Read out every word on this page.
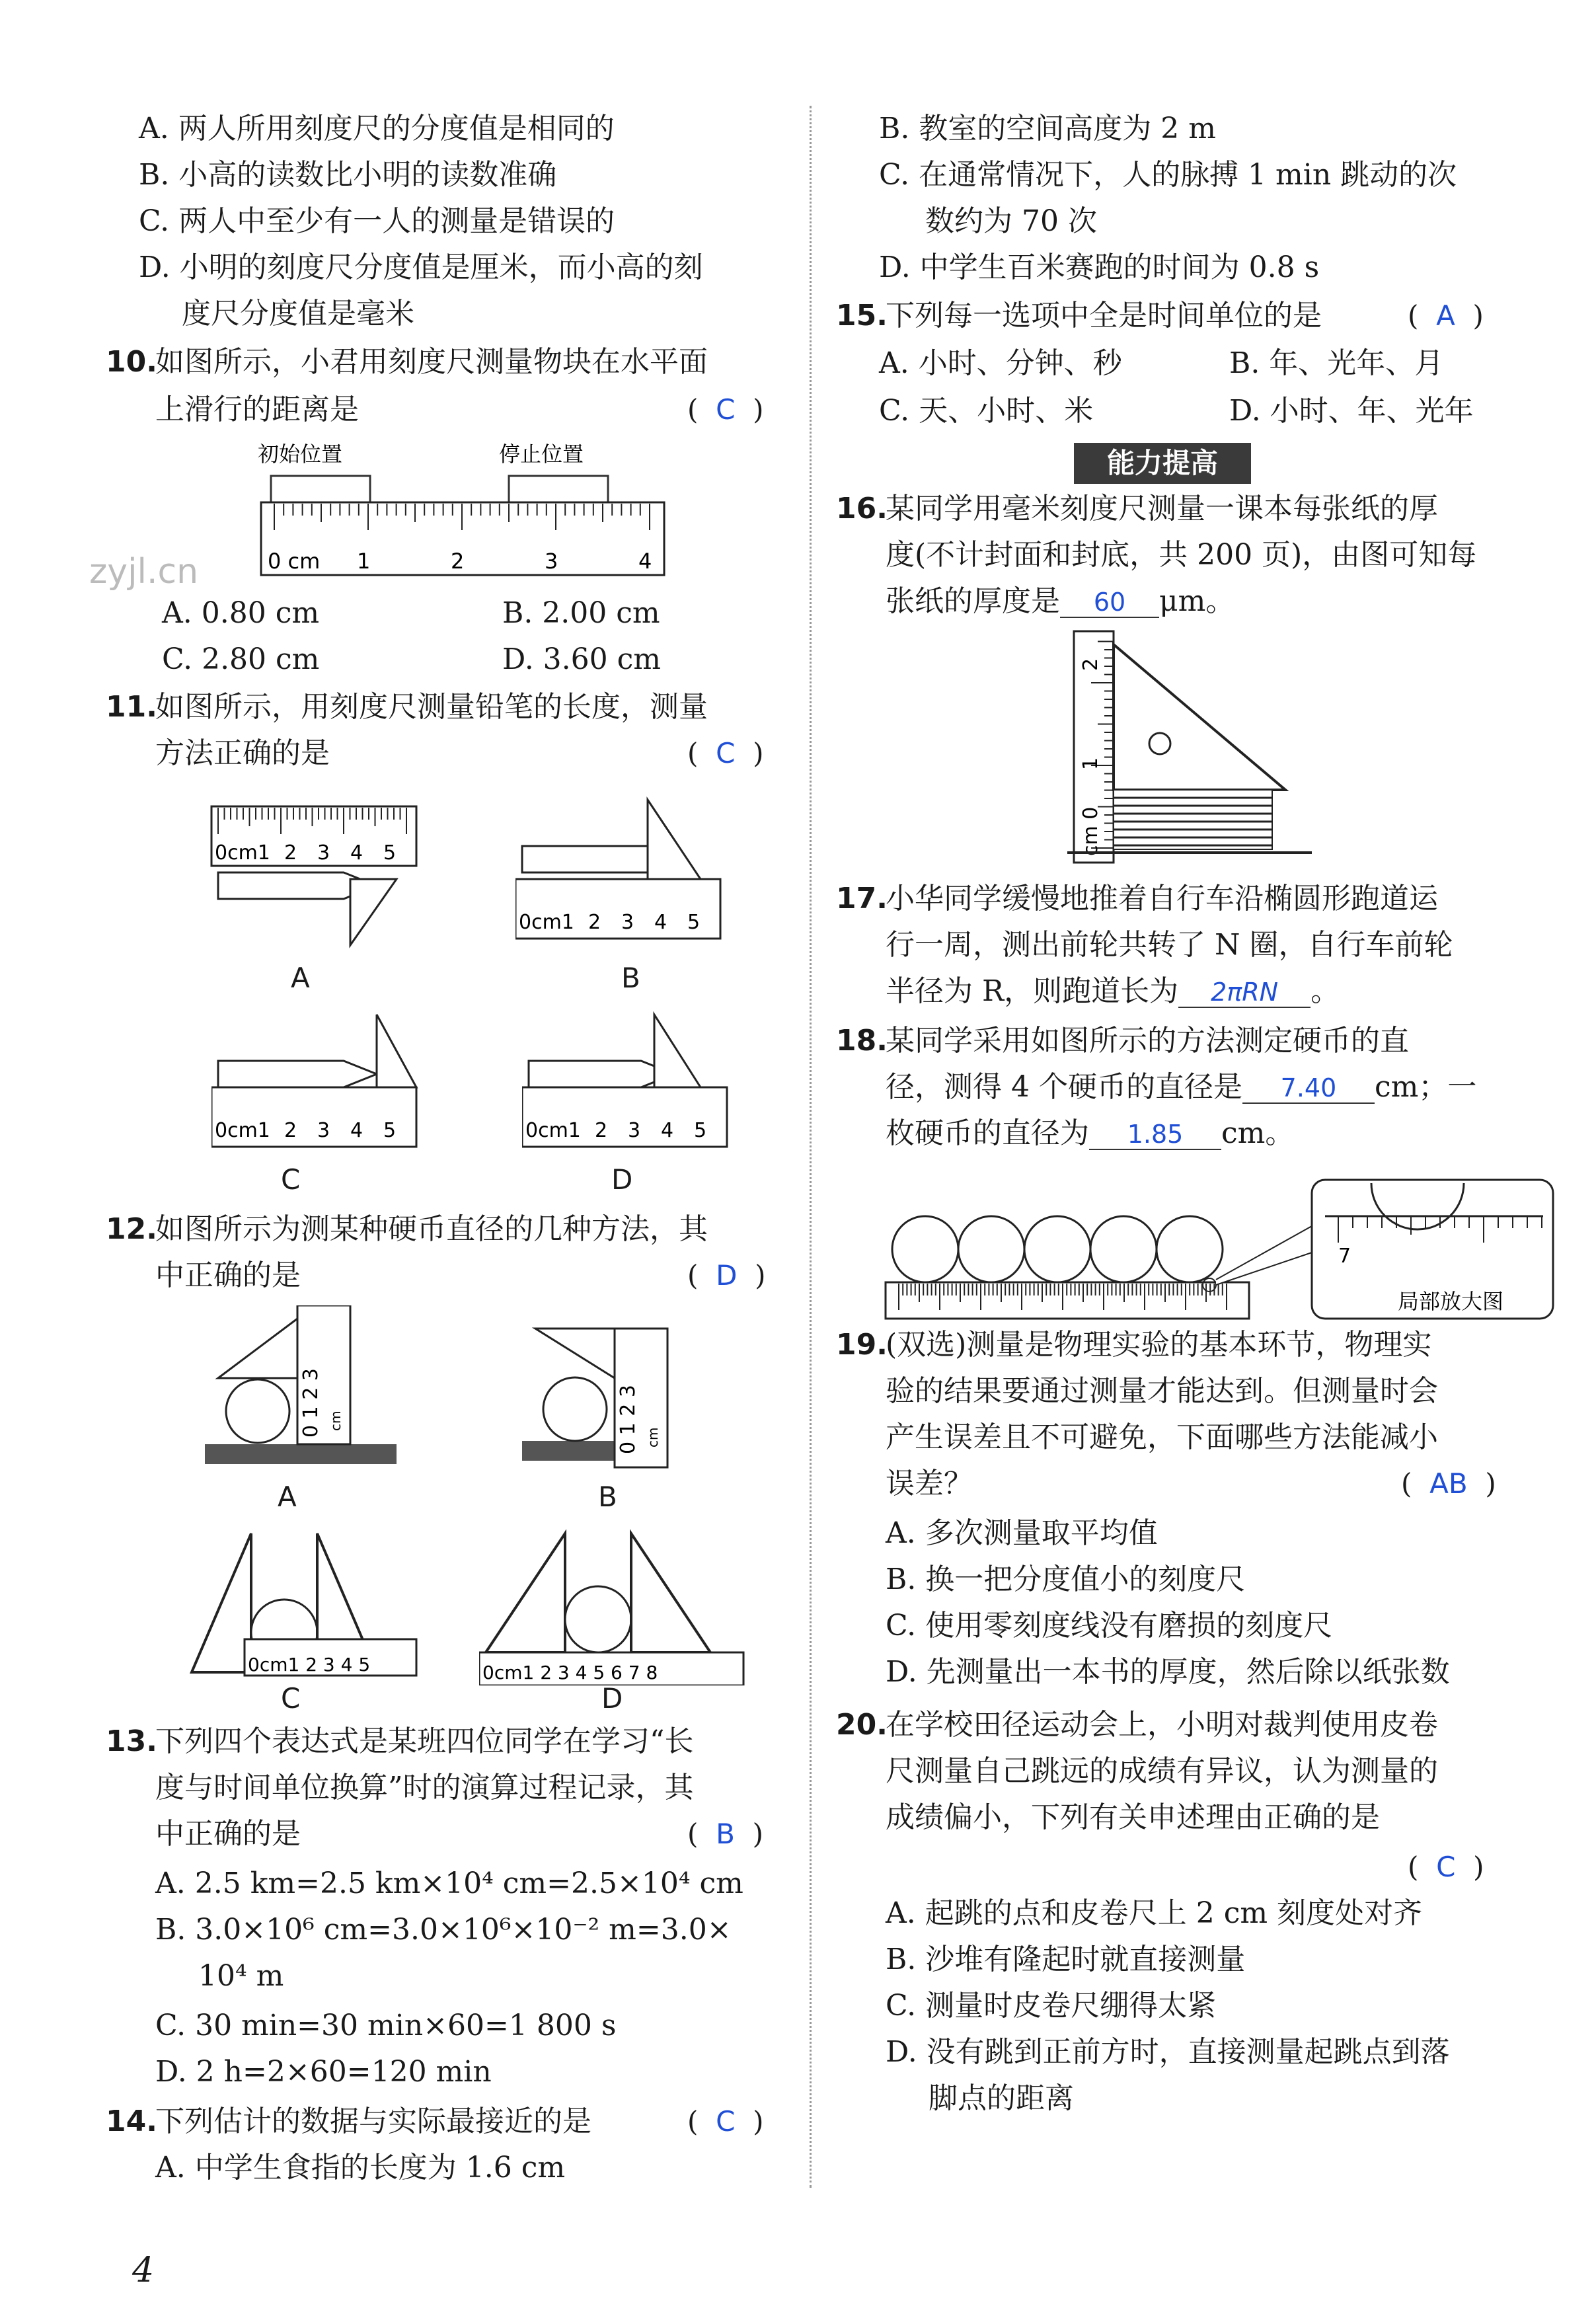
A. 两人所用刻度尺的分度值是相同的
B. 小高的读数比小明的读数准确
C. 两人中至少有一人的测量是错误的
D. 小明的刻度尺分度值是厘米，而小高的刻
度尺分度值是毫米
10.
如图所示，小君用刻度尺测量物块在水平面
上滑行的距离是	(  C  )
初始位置	停止位置
0 cm 1	2	3	4
A. 0.80 cm	B. 2.00 cm
C. 2.80 cm	D. 3.60 cm
11.
如图所示，用刻度尺测量铅笔的长度，测量
方法正确的是	(  C  )
0cm1 2 3 4 5
A
0cm1 2 3 4 5
B
0cm1 2 3 4 5
C
0cm1 2 3 4 5
D
12.
如图所示为测某种硬币直径的几种方法，其
中正确的是	(  D  )
0 1 2 3 cm
A
0 1 2 3 cm
B
0cm1 2 3 4 5
C
0cm1 2 3 4 5 6 7 8
D
13.
下列四个表达式是某班四位同学在学习“长
度与时间单位换算”时的演算过程记录，其
中正确的是	(  B  )
A. 2.5 km=2.5 km×10⁴ cm=2.5×10⁴ cm
B. 3.0×10⁶ cm=3.0×10⁶×10⁻² m=3.0×
10⁴ m
C. 30 min=30 min×60=1 800 s
D. 2 h=2×60=120 min
14.
下列估计的数据与实际最接近的是	(  C  )
A. 中学生食指的长度为 1.6 cm
B. 教室的空间高度为 2 m
C. 在通常情况下，人的脉搏 1 min 跳动的次
数约为 70 次
D. 中学生百米赛跑的时间为 0.8 s
15.
下列每一选项中全是时间单位的是	(  A  )
A. 小时、分钟、秒	B. 年、光年、月
C. 天、小时、米	D. 小时、年、光年
16.
某同学用毫米刻度尺测量一课本每张纸的厚
度(不计封面和封底，共 200 页)，由图可知每
张纸的厚度是 60 μm。
2
1
cm 0
17.
小华同学缓慢地推着自行车沿椭圆形跑道运
行一周，测出前轮共转了 N 圈，自行车前轮
半径为 R，则跑道长为 2πRN 。
18.
某同学采用如图所示的方法测定硬币的直
径，测得 4 个硬币的直径是 7.40 cm；一
枚硬币的直径为 1.85 cm。
7
局部放大图
19.
(双选)测量是物理实验的基本环节，物理实
验的结果要通过测量才能达到。但测量时会
产生误差且不可避免，下面哪些方法能减小
误差？	(  AB  )
A. 多次测量取平均值
B. 换一把分度值小的刻度尺
C. 使用零刻度线没有磨损的刻度尺
D. 先测量出一本书的厚度，然后除以纸张数
20.
在学校田径运动会上，小明对裁判使用皮卷
尺测量自己跳远的成绩有异议，认为测量的
成绩偏小，下列有关申述理由正确的是
(  C  )
A. 起跳的点和皮卷尺上 2 cm 刻度处对齐
B. 沙堆有隆起时就直接测量
C. 测量时皮卷尺绷得太紧
D. 没有跳到正前方时，直接测量起跳点到落
脚点的距离
能力提高
zyjl.cn
4
